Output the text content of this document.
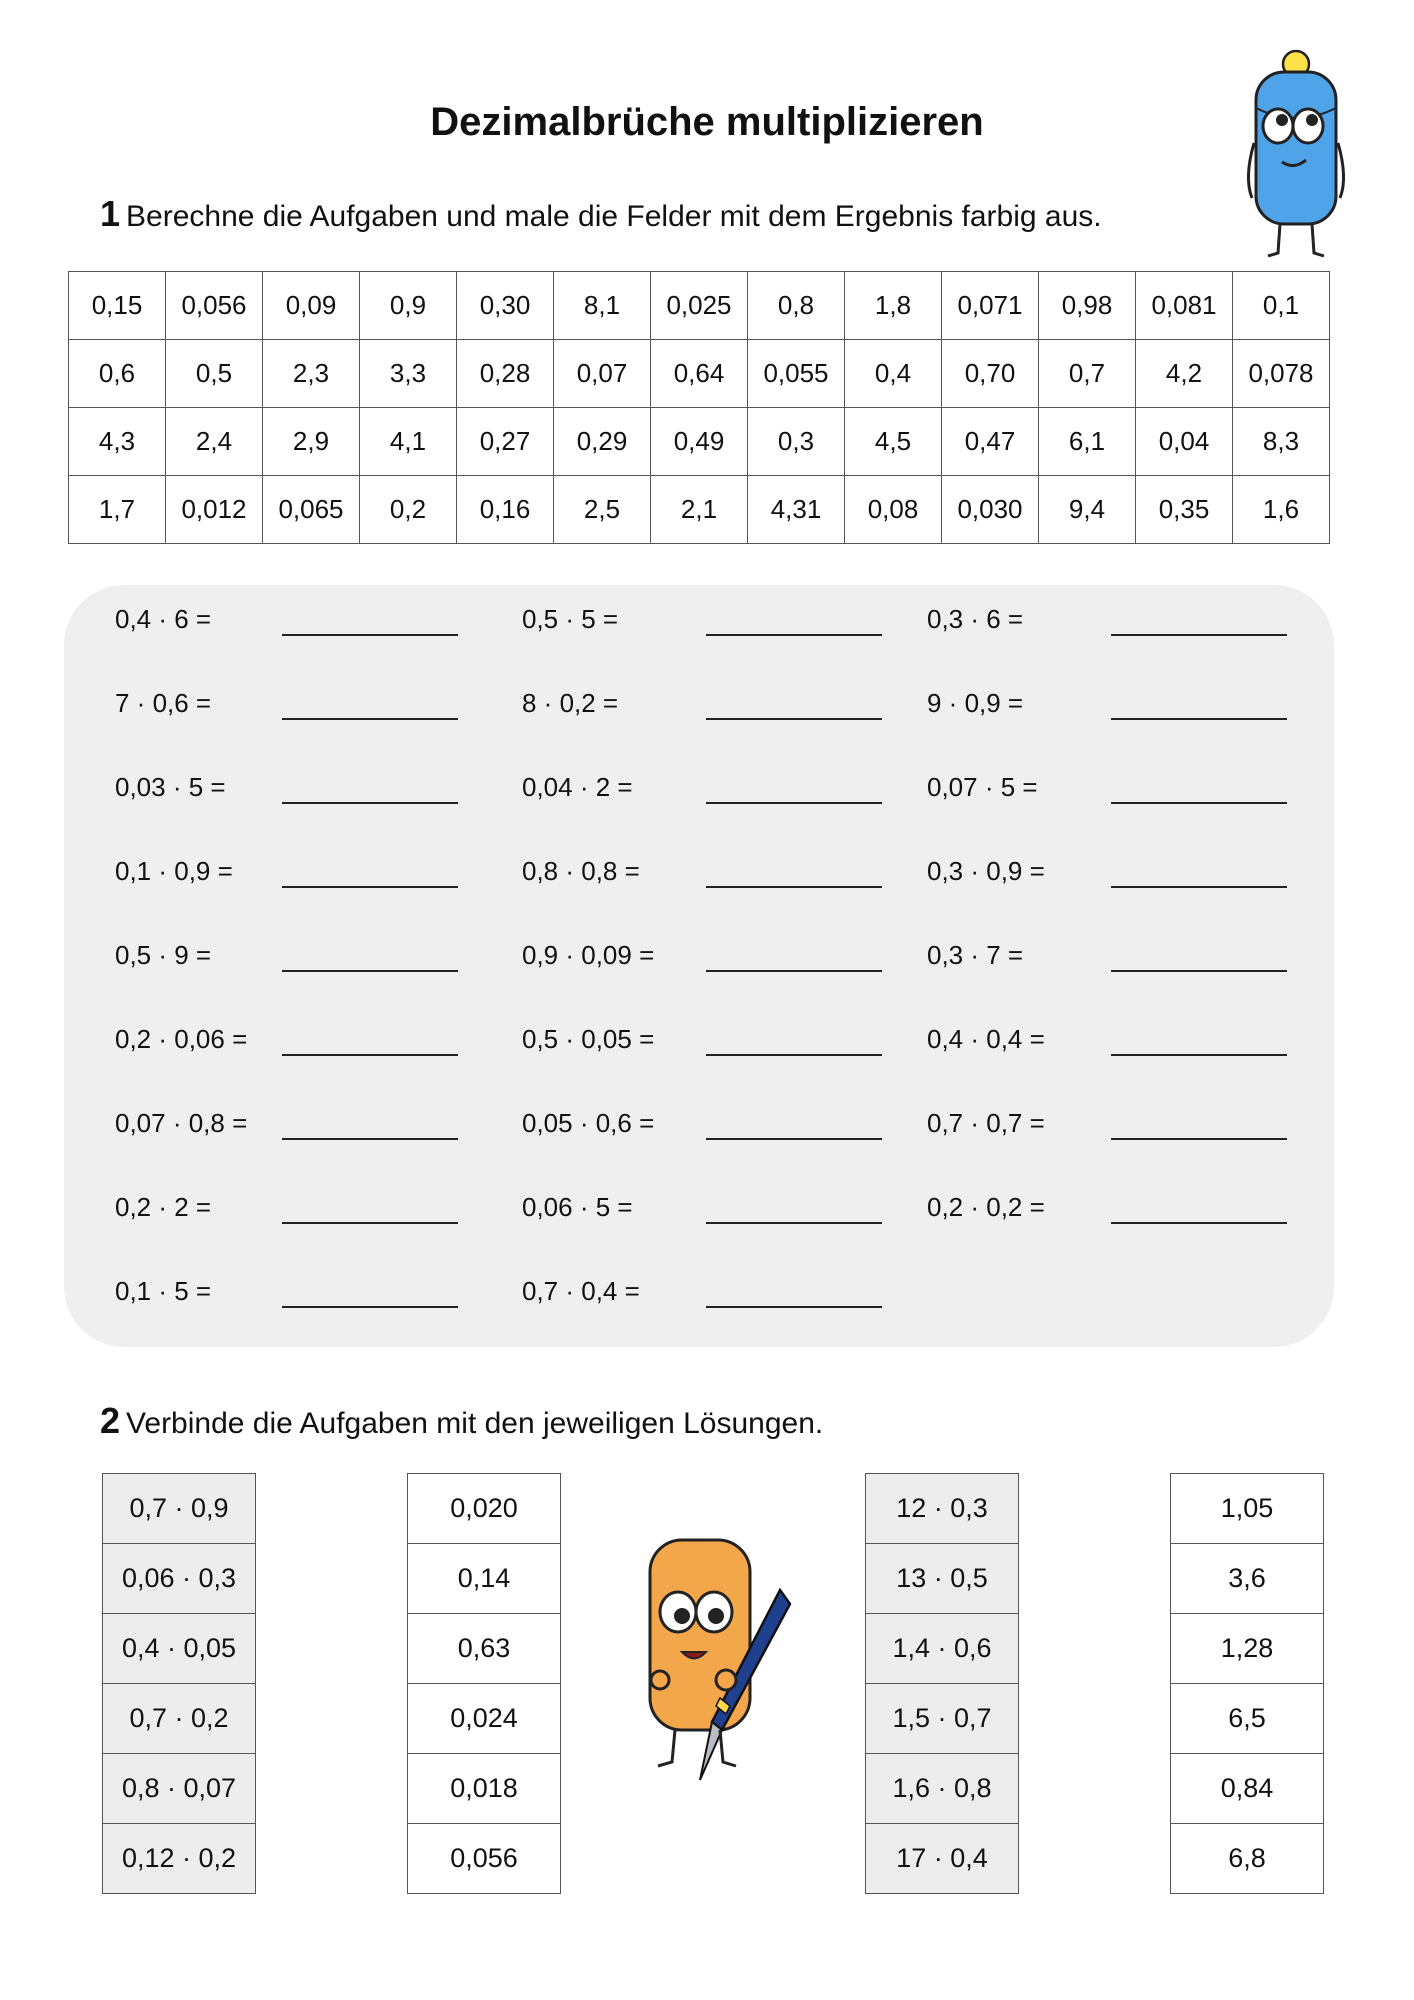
Dezimalbrüche multiplizieren
1 Berechne die Aufgaben und male die Felder mit dem Ergebnis farbig aus.
0,15	0,056	0,09	0,9	0,30	8,1	0,025	0,8	1,8	0,071	0,98	0,081	0,1
0,6	0,5	2,3	3,3	0,28	0,07	0,64	0,055	0,4	0,70	0,7	4,2	0,078
4,3	2,4	2,9	4,1	0,27	0,29	0,49	0,3	4,5	0,47	6,1	0,04	8,3
1,7	0,012	0,065	0,2	0,16	2,5	2,1	4,31	0,08	0,030	9,4	0,35	1,6
0,4 · 6 =
7 · 0,6 =
0,03 · 5 =
0,1 · 0,9 =
0,5 · 9 =
0,2 · 0,06 =
0,07 · 0,8 =
0,2 · 2 =
0,1 · 5 =
0,5 · 5 =
8 · 0,2 =
0,04 · 2 =
0,8 · 0,8 =
0,9 · 0,09 =
0,5 · 0,05 =
0,05 · 0,6 =
0,06 · 5 =
0,7 · 0,4 =
0,3 · 6 =
9 · 0,9 =
0,07 · 5 =
0,3 · 0,9 =
0,3 · 7 =
0,4 · 0,4 =
0,7 · 0,7 =
0,2 · 0,2 =
2 Verbinde die Aufgaben mit den jeweiligen Lösungen.
0,7 · 0,9
0,06 · 0,3
0,4 · 0,05
0,7 · 0,2
0,8 · 0,07
0,12 · 0,2
0,020
0,14
0,63
0,024
0,018
0,056
12 · 0,3
13 · 0,5
1,4 · 0,6
1,5 · 0,7
1,6 · 0,8
17 · 0,4
1,05
3,6
1,28
6,5
0,84
6,8
